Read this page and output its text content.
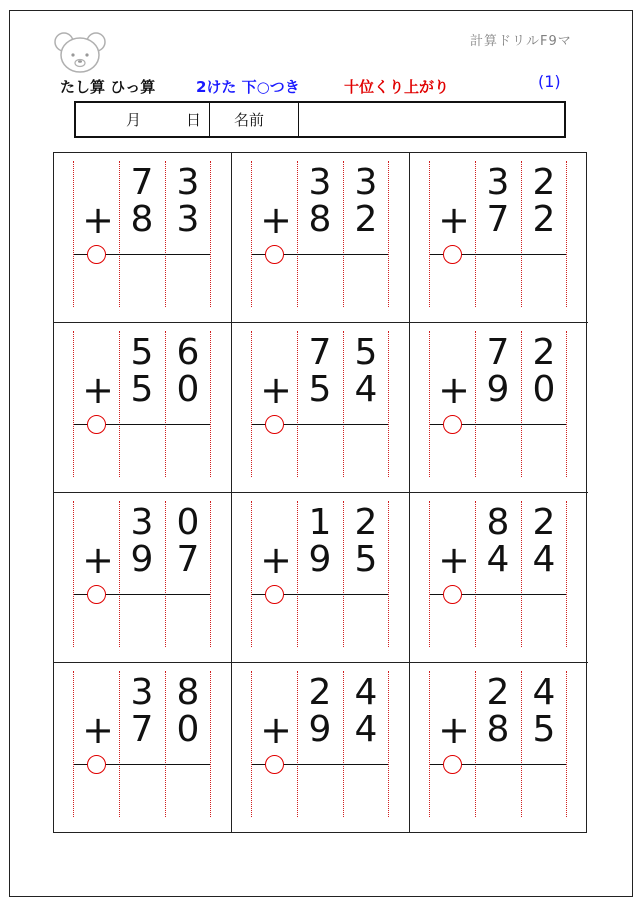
計算ドリルF9マ
たし算 ひっ算	2けた 下○つき	十位くり上がり	(1)
月	日 名前
7 3
8 3
+
3 3
8 2
+
3 2
7 2
+
5 6
5 0
+
7 5
5 4
+
7 2
9 0
+
3 0
9 7
+
1 2
9 5
+
8 2
4 4
+
3 8
7 0
+
2 4
9 4
+
2 4
8 5
+
